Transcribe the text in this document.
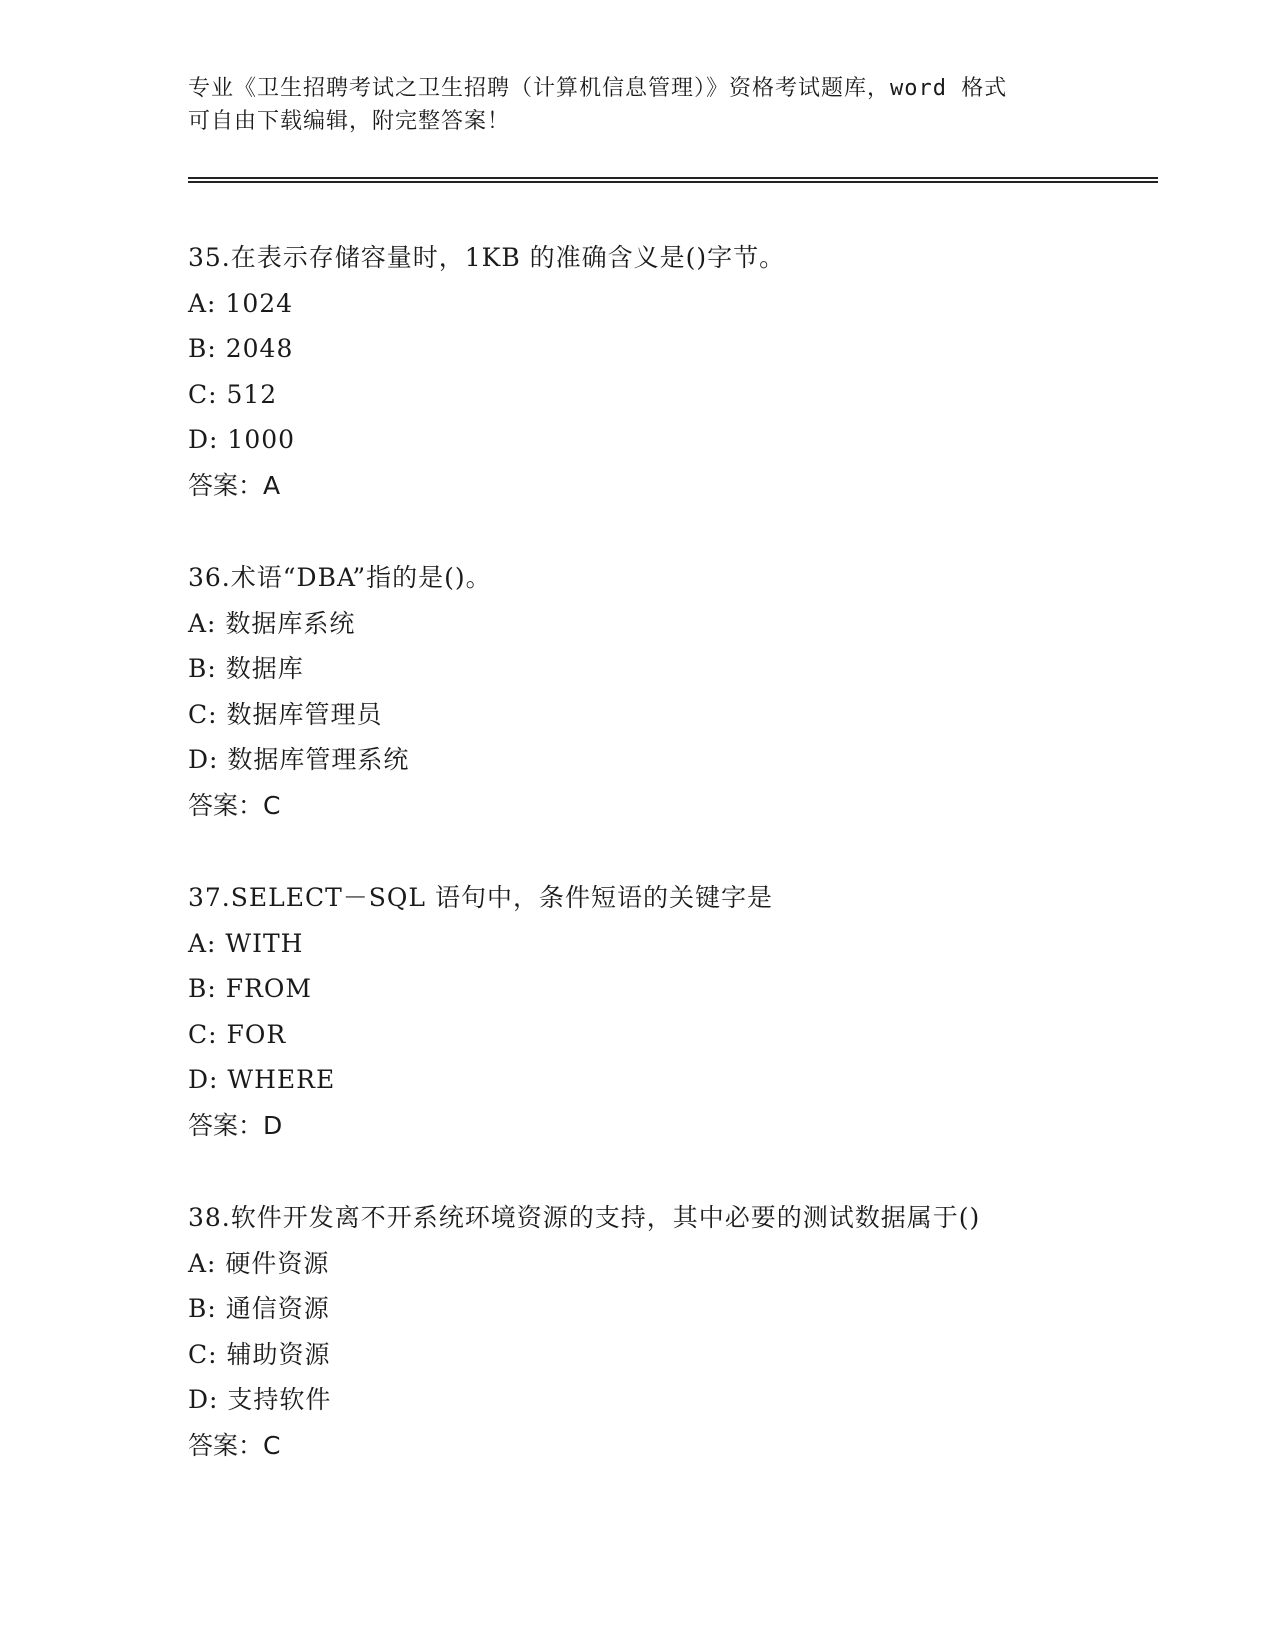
专业《卫生招聘考试之卫生招聘（计算机信息管理）》资格考试题库，word 格式
可自由下载编辑，附完整答案！
35.在表示存储容量时，1KB 的准确含义是()字节。
A: 1024
B: 2048
C: 512
D: 1000
答案：A
36.术语“DBA”指的是()。
A: 数据库系统
B: 数据库
C: 数据库管理员
D: 数据库管理系统
答案：C
37.SELECT－SQL 语句中，条件短语的关键字是
A: WITH
B: FROM
C: FOR
D: WHERE
答案：D
38.软件开发离不开系统环境资源的支持，其中必要的测试数据属于()
A: 硬件资源
B: 通信资源
C: 辅助资源
D: 支持软件
答案：C
